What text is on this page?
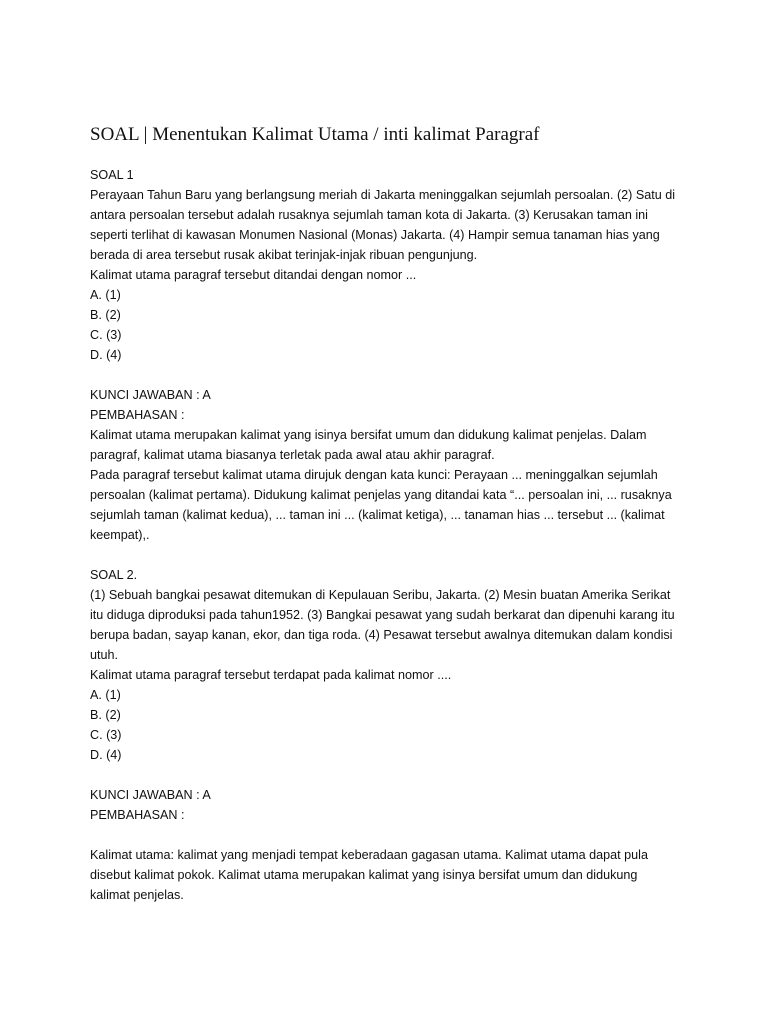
SOAL | Menentukan Kalimat Utama / inti kalimat Paragraf

SOAL 1

Perayaan Tahun Baru yang berlangsung meriah di Jakarta meninggalkan sejumlah persoalan. (2) Satu di

antara persoalan tersebut adalah rusaknya sejumlah taman kota di Jakarta. (3) Kerusakan taman ini

seperti terlihat di kawasan Monumen Nasional (Monas) Jakarta. (4) Hampir semua tanaman hias yang

berada di area tersebut rusak akibat terinjak-injak ribuan pengunjung.

Kalimat utama paragraf tersebut ditandai dengan nomor ...

A. (1)

B. (2)

C. (3)

D. (4)

KUNCI JAWABAN : A

PEMBAHASAN :

Kalimat utama merupakan kalimat yang isinya bersifat umum dan didukung kalimat penjelas. Dalam

paragraf, kalimat utama biasanya terletak pada awal atau akhir paragraf.

Pada paragraf tersebut kalimat utama dirujuk dengan kata kunci: Perayaan ... meninggalkan sejumlah

persoalan (kalimat pertama). Didukung kalimat penjelas yang ditandai kata “... persoalan ini, ... rusaknya

sejumlah taman (kalimat kedua), ... taman ini ... (kalimat ketiga), ... tanaman hias ... tersebut ... (kalimat

keempat),.

SOAL 2.

(1) Sebuah bangkai pesawat ditemukan di Kepulauan Seribu, Jakarta. (2) Mesin buatan Amerika Serikat

itu diduga diproduksi pada tahun1952. (3) Bangkai pesawat yang sudah berkarat dan dipenuhi karang itu

berupa badan, sayap kanan, ekor, dan tiga roda. (4) Pesawat tersebut awalnya ditemukan dalam kondisi

utuh.

Kalimat utama paragraf tersebut terdapat pada kalimat nomor ....

A. (1)

B. (2)

C. (3)

D. (4)

KUNCI JAWABAN : A

PEMBAHASAN :

Kalimat utama: kalimat yang menjadi tempat keberadaan gagasan utama. Kalimat utama dapat pula

disebut kalimat pokok. Kalimat utama merupakan kalimat yang isinya bersifat umum dan didukung

kalimat penjelas.
